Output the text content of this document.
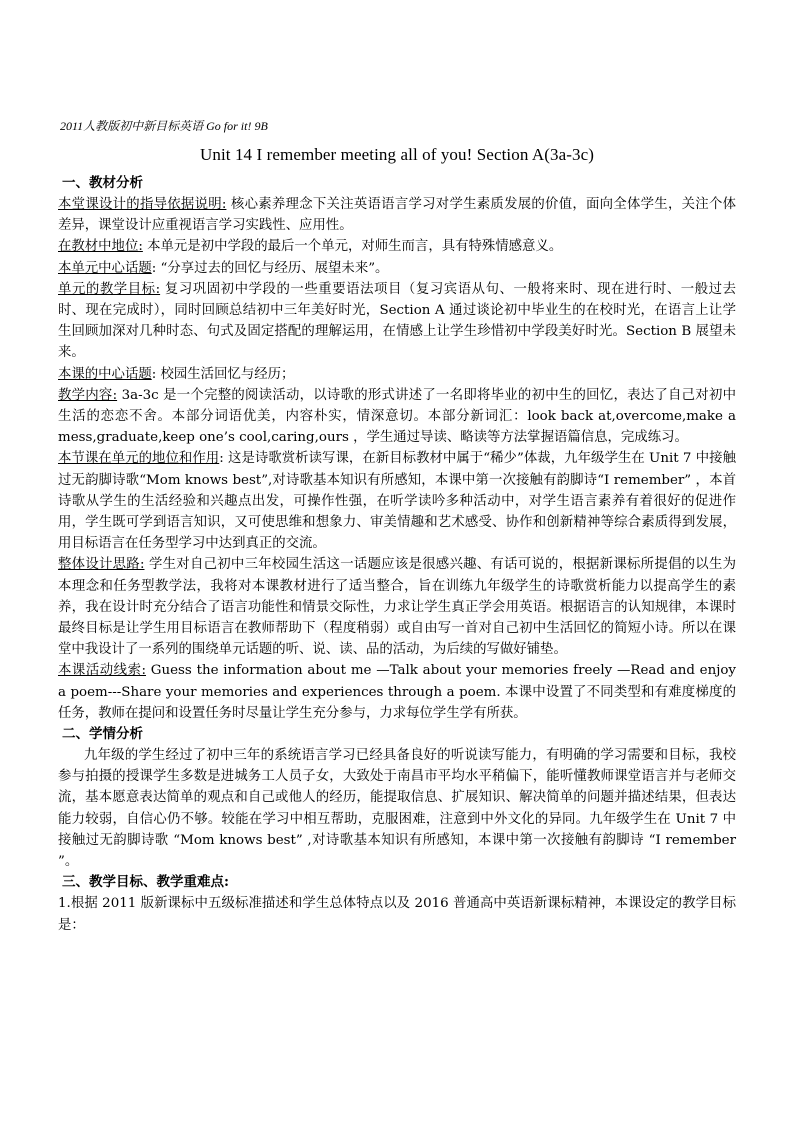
2011人教版初中新目标英语 Go for it! 9B
Unit 14 I remember meeting all of you! Section A(3a-3c)
一、教材分析

本堂课设计的指导依据说明: 核心素养理念下关注英语语言学习对学生素质发展的价值，面向全体学生，关注个体差异，课堂设计应重视语言学习实践性、应用性。

在教材中地位: 本单元是初中学段的最后一个单元，对师生而言，具有特殊情感意义。

本单元中心话题: “分享过去的回忆与经历、展望未来”。

单元的教学目标: 复习巩固初中学段的一些重要语法项目（复习宾语从句、一般将来时、现在进行时、一般过去时、现在完成时），同时回顾总结初中三年美好时光，Section A 通过谈论初中毕业生的在校时光，在语言上让学生回顾加深对几种时态、句式及固定搭配的理解运用，在情感上让学生珍惜初中学段美好时光。Section B 展望未来。

本课的中心话题: 校园生活回忆与经历；

教学内容: 3a-3c 是一个完整的阅读活动，以诗歌的形式讲述了一名即将毕业的初中生的回忆，表达了自己对初中生活的恋恋不舍。本部分词语优美，内容朴实，情深意切。本部分新词汇：look back at,overcome,make a mess,graduate,keep one’s cool,caring,ours ，学生通过导读、略读等方法掌握语篇信息，完成练习。

本节课在单元的地位和作用: 这是诗歌赏析读写课，在新目标教材中属于“稀少”体裁，九年级学生在 Unit 7 中接触过无韵脚诗歌“Mom knows best”,对诗歌基本知识有所感知，本课中第一次接触有韵脚诗“I remember” ，本首诗歌从学生的生活经验和兴趣点出发，可操作性强，在听学读吟多种活动中，对学生语言素养有着很好的促进作用，学生既可学到语言知识，又可使思维和想象力、审美情趣和艺术感受、协作和创新精神等综合素质得到发展，用目标语言在任务型学习中达到真正的交流。

整体设计思路: 学生对自己初中三年校园生活这一话题应该是很感兴趣、有话可说的，根据新课标所提倡的以生为本理念和任务型教学法，我将对本课教材进行了适当整合，旨在训练九年级学生的诗歌赏析能力以提高学生的素养，我在设计时充分结合了语言功能性和情景交际性，力求让学生真正学会用英语。根据语言的认知规律，本课时最终目标是让学生用目标语言在教师帮助下（程度稍弱）或自由写一首对自己初中生活回忆的简短小诗。所以在课堂中我设计了一系列的围绕单元话题的听、说、读、品的活动，为后续的写做好铺垫。

本课活动线索: Guess the information about me —Talk about your memories freely —Read and enjoy a poem---Share your memories and experiences through a poem. 本课中设置了不同类型和有难度梯度的任务，教师在提问和设置任务时尽量让学生充分参与，力求每位学生学有所获。

二、学情分析

九年级的学生经过了初中三年的系统语言学习已经具备良好的听说读写能力，有明确的学习需要和目标，我校参与拍摄的授课学生多数是进城务工人员子女，大致处于南昌市平均水平稍偏下，能听懂教师课堂语言并与老师交流，基本愿意表达简单的观点和自己或他人的经历，能提取信息、扩展知识、解决简单的问题并描述结果，但表达能力较弱，自信心仍不够。较能在学习中相互帮助，克服困难，注意到中外文化的异同。九年级学生在 Unit 7 中接触过无韵脚诗歌 “Mom knows best” ,对诗歌基本知识有所感知，本课中第一次接触有韵脚诗 “I remember ”。

三、教学目标、教学重难点:

1.根据 2011 版新课标中五级标准描述和学生总体特点以及 2016 普通高中英语新课标精神，本课设定的教学目标是：
